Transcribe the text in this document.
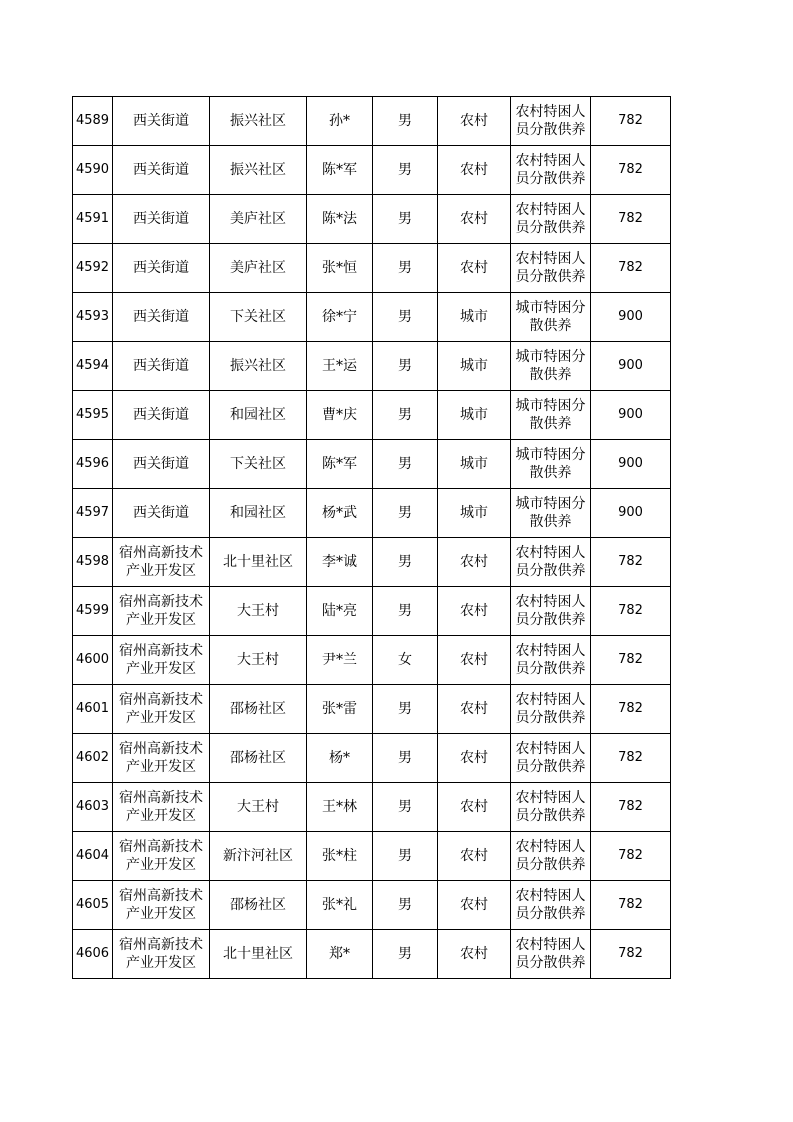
4589	西关街道	振兴社区	孙*	男	农村	农村特困人员分散供养	782
4590	西关街道	振兴社区	陈*军	男	农村	农村特困人员分散供养	782
4591	西关街道	美庐社区	陈*法	男	农村	农村特困人员分散供养	782
4592	西关街道	美庐社区	张*恒	男	农村	农村特困人员分散供养	782
4593	西关街道	下关社区	徐*宁	男	城市	城市特困分散供养	900
4594	西关街道	振兴社区	王*运	男	城市	城市特困分散供养	900
4595	西关街道	和园社区	曹*庆	男	城市	城市特困分散供养	900
4596	西关街道	下关社区	陈*军	男	城市	城市特困分散供养	900
4597	西关街道	和园社区	杨*武	男	城市	城市特困分散供养	900
4598	宿州高新技术产业开发区	北十里社区	李*诚	男	农村	农村特困人员分散供养	782
4599	宿州高新技术产业开发区	大王村	陆*亮	男	农村	农村特困人员分散供养	782
4600	宿州高新技术产业开发区	大王村	尹*兰	女	农村	农村特困人员分散供养	782
4601	宿州高新技术产业开发区	邵杨社区	张*雷	男	农村	农村特困人员分散供养	782
4602	宿州高新技术产业开发区	邵杨社区	杨*	男	农村	农村特困人员分散供养	782
4603	宿州高新技术产业开发区	大王村	王*林	男	农村	农村特困人员分散供养	782
4604	宿州高新技术产业开发区	新汴河社区	张*柱	男	农村	农村特困人员分散供养	782
4605	宿州高新技术产业开发区	邵杨社区	张*礼	男	农村	农村特困人员分散供养	782
4606	宿州高新技术产业开发区	北十里社区	郑*	男	农村	农村特困人员分散供养	782
